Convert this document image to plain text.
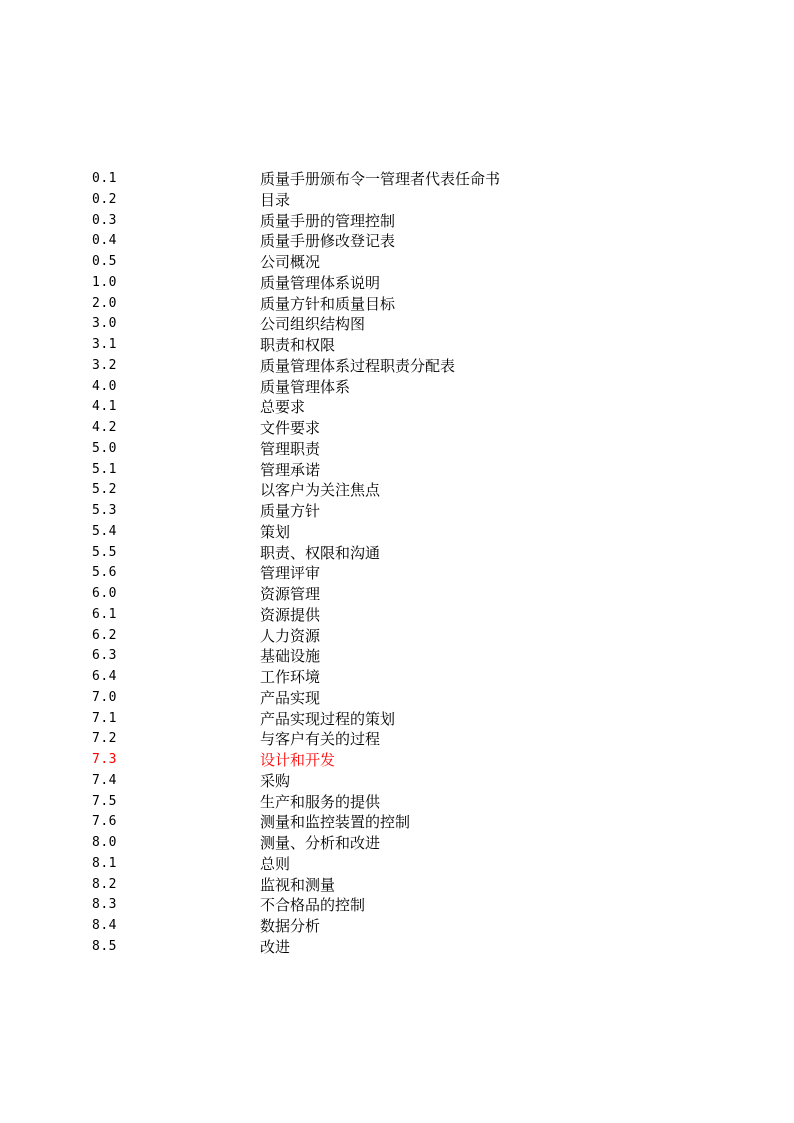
0.1	质量手册颁布令一管理者代表任命书
0.2	目录
0.3	质量手册的管理控制
0.4	质量手册修改登记表
0.5	公司概况
1.0	质量管理体系说明
2.0	质量方针和质量目标
3.0	公司组织结构图
3.1	职责和权限
3.2	质量管理体系过程职责分配表
4.0	质量管理体系
4.1	总要求
4.2	文件要求
5.0	管理职责
5.1	管理承诺
5.2	以客户为关注焦点
5.3	质量方针
5.4	策划
5.5	职责、权限和沟通
5.6	管理评审
6.0	资源管理
6.1	资源提供
6.2	人力资源
6.3	基础设施
6.4	工作环境
7.0	产品实现
7.1	产品实现过程的策划
7.2	与客户有关的过程
7.3	设计和开发
7.4	采购
7.5	生产和服务的提供
7.6	测量和监控装置的控制
8.0	测量、分析和改进
8.1	总则
8.2	监视和测量
8.3	不合格品的控制
8.4	数据分析
8.5	改进
